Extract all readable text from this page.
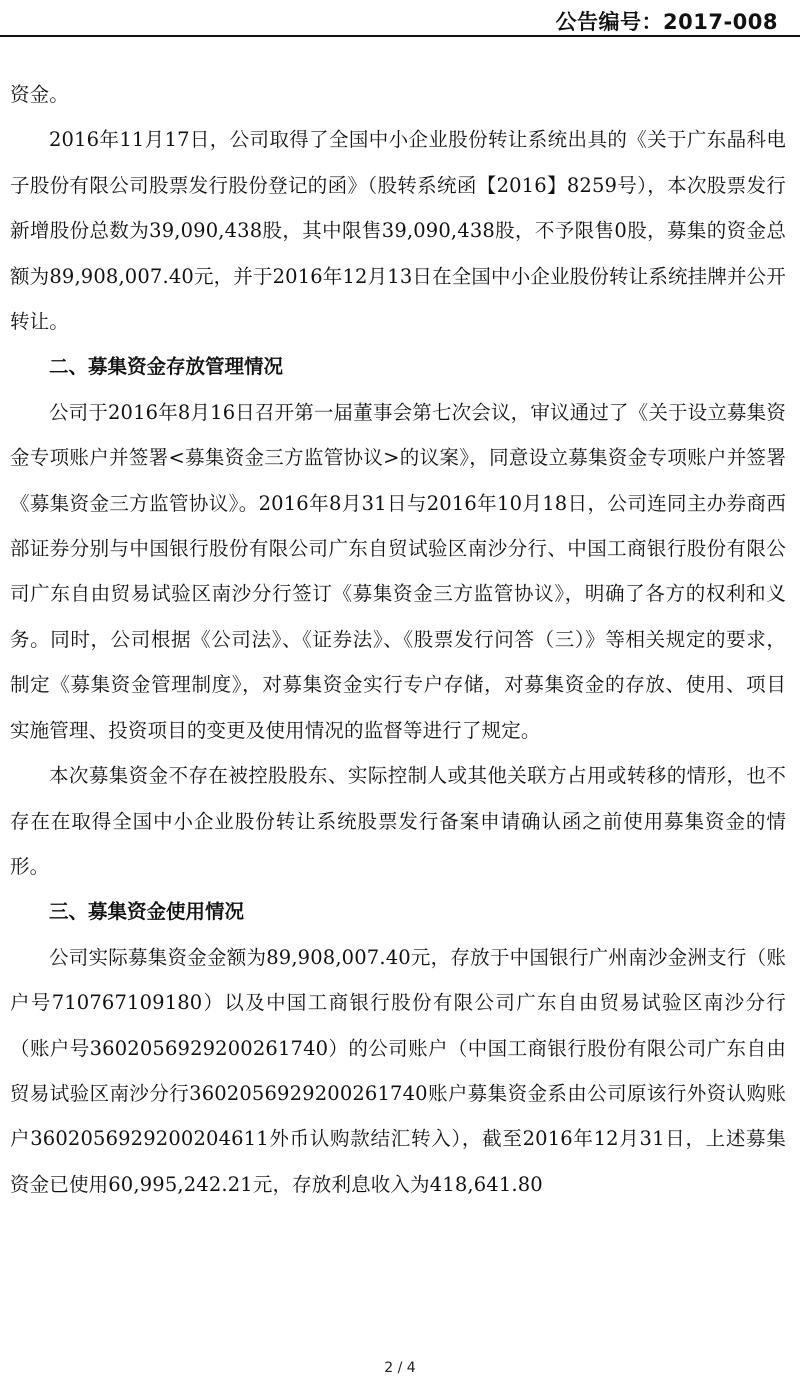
公告编号：2017-008

资金。

2016年11月17日，公司取得了全国中小企业股份转让系统出具的《关于广东晶科电子股份有限公司股票发行股份登记的函》（股转系统函【2016】8259号），本次股票发行新增股份总数为39,090,438股，其中限售39,090,438股，不予限售0股，募集的资金总额为89,908,007.40元，并于2016年12月13日在全国中小企业股份转让系统挂牌并公开转让。

二、募集资金存放管理情况

公司于2016年8月16日召开第一届董事会第七次会议，审议通过了《关于设立募集资金专项账户并签署<募集资金三方监管协议>的议案》，同意设立募集资金专项账户并签署《募集资金三方监管协议》。2016年8月31日与2016年10月18日，公司连同主办券商西部证券分别与中国银行股份有限公司广东自贸试验区南沙分行、中国工商银行股份有限公司广东自由贸易试验区南沙分行签订《募集资金三方监管协议》，明确了各方的权利和义务。同时，公司根据《公司法》、《证券法》、《股票发行问答（三）》等相关规定的要求，制定《募集资金管理制度》，对募集资金实行专户存储，对募集资金的存放、使用、项目实施管理、投资项目的变更及使用情况的监督等进行了规定。

本次募集资金不存在被控股股东、实际控制人或其他关联方占用或转移的情形，也不存在在取得全国中小企业股份转让系统股票发行备案申请确认函之前使用募集资金的情形。

三、募集资金使用情况

公司实际募集资金金额为89,908,007.40元，存放于中国银行广州南沙金洲支行（账户号710767109180）以及中国工商银行股份有限公司广东自由贸易试验区南沙分行（账户号3602056929200261740）的公司账户（中国工商银行股份有限公司广东自由贸易试验区南沙分行3602056929200261740账户募集资金系由公司原该行外资认购账户3602056929200204611外币认购款结汇转入），截至2016年12月31日，上述募集资金已使用60,995,242.21元，存放利息收入为418,641.80

2 / 4
